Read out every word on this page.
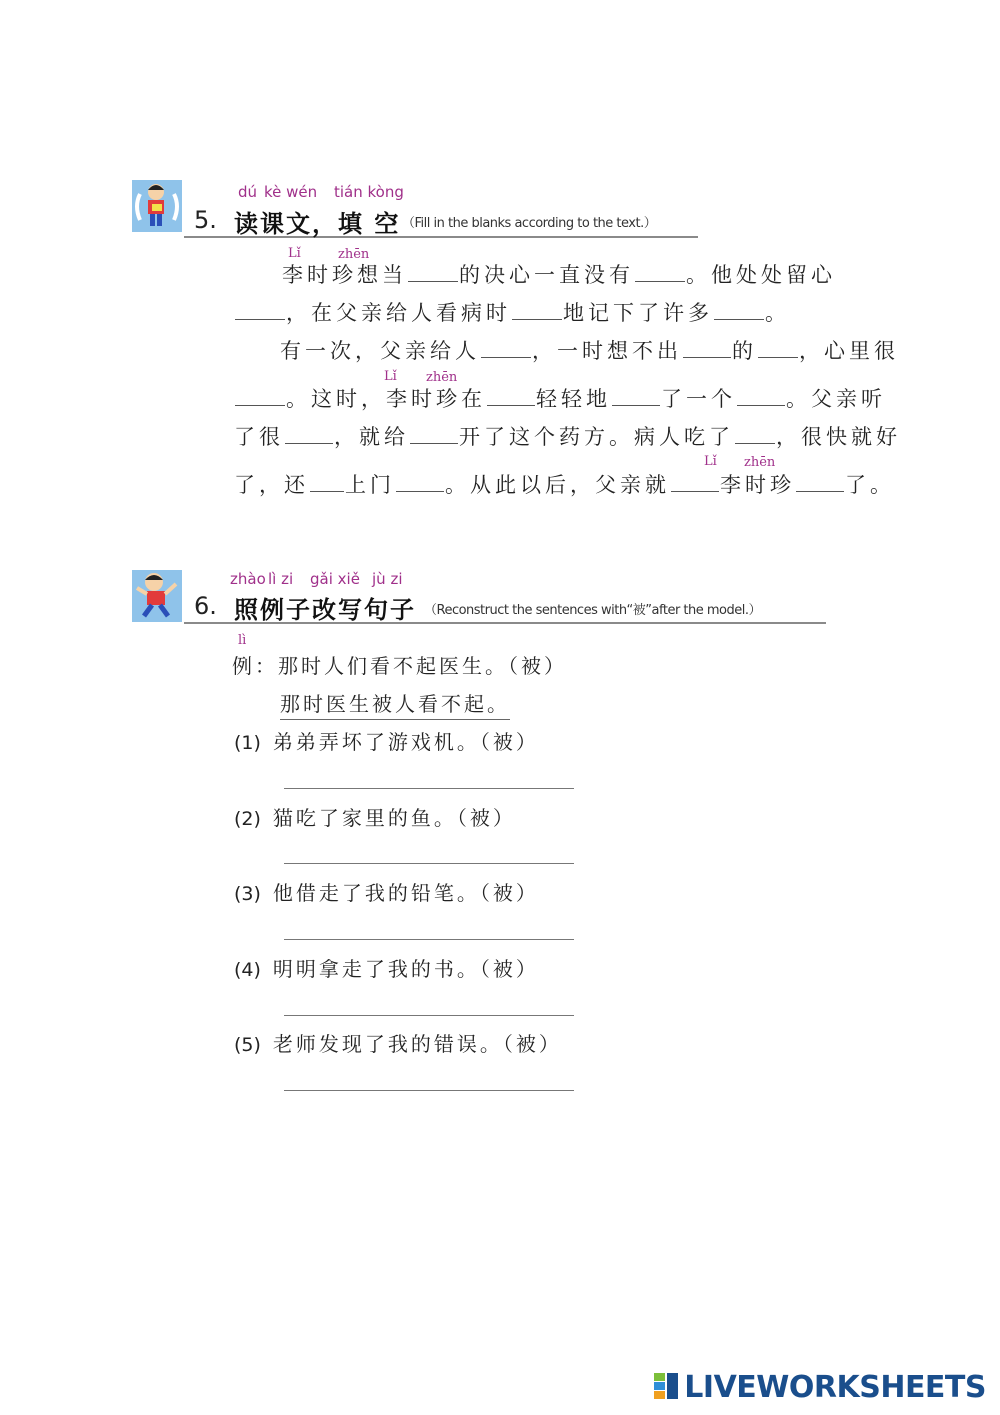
dú kè wén tián kòng
5. 读课文，填 空 （Fill in the blanks according to the text.）
Lǐ	zhēn
李时珍想当 的决心一直没有 。他处处留心
，在父亲给人看病时 地记下了许多 。
有一次，父亲给人 ，一时想不出 的 ，心里很
Lǐ zhēn
。这时，李时珍在 轻轻地 了一个 。父亲听
了很 ，就给 开了这个药方。病人吃了 ，很快就好
Lǐ zhēn
了，还 上门 。从此以后，父亲就 李时珍 了。
zhào lì zi gǎi xiě jù zi
6. 照例子改写句子 （Reconstruct the sentences with“被”after the model.）
lì
例：那时人们看不起医生。（被）
那时医生被人看不起。
(1) 弟弟弄坏了游戏机。（被）
(2) 猫吃了家里的鱼。（被）
(3) 他借走了我的铅笔。（被）
(4) 明明拿走了我的书。（被）
(5) 老师发现了我的错误。（被）
LIVEWORKSHEETS
